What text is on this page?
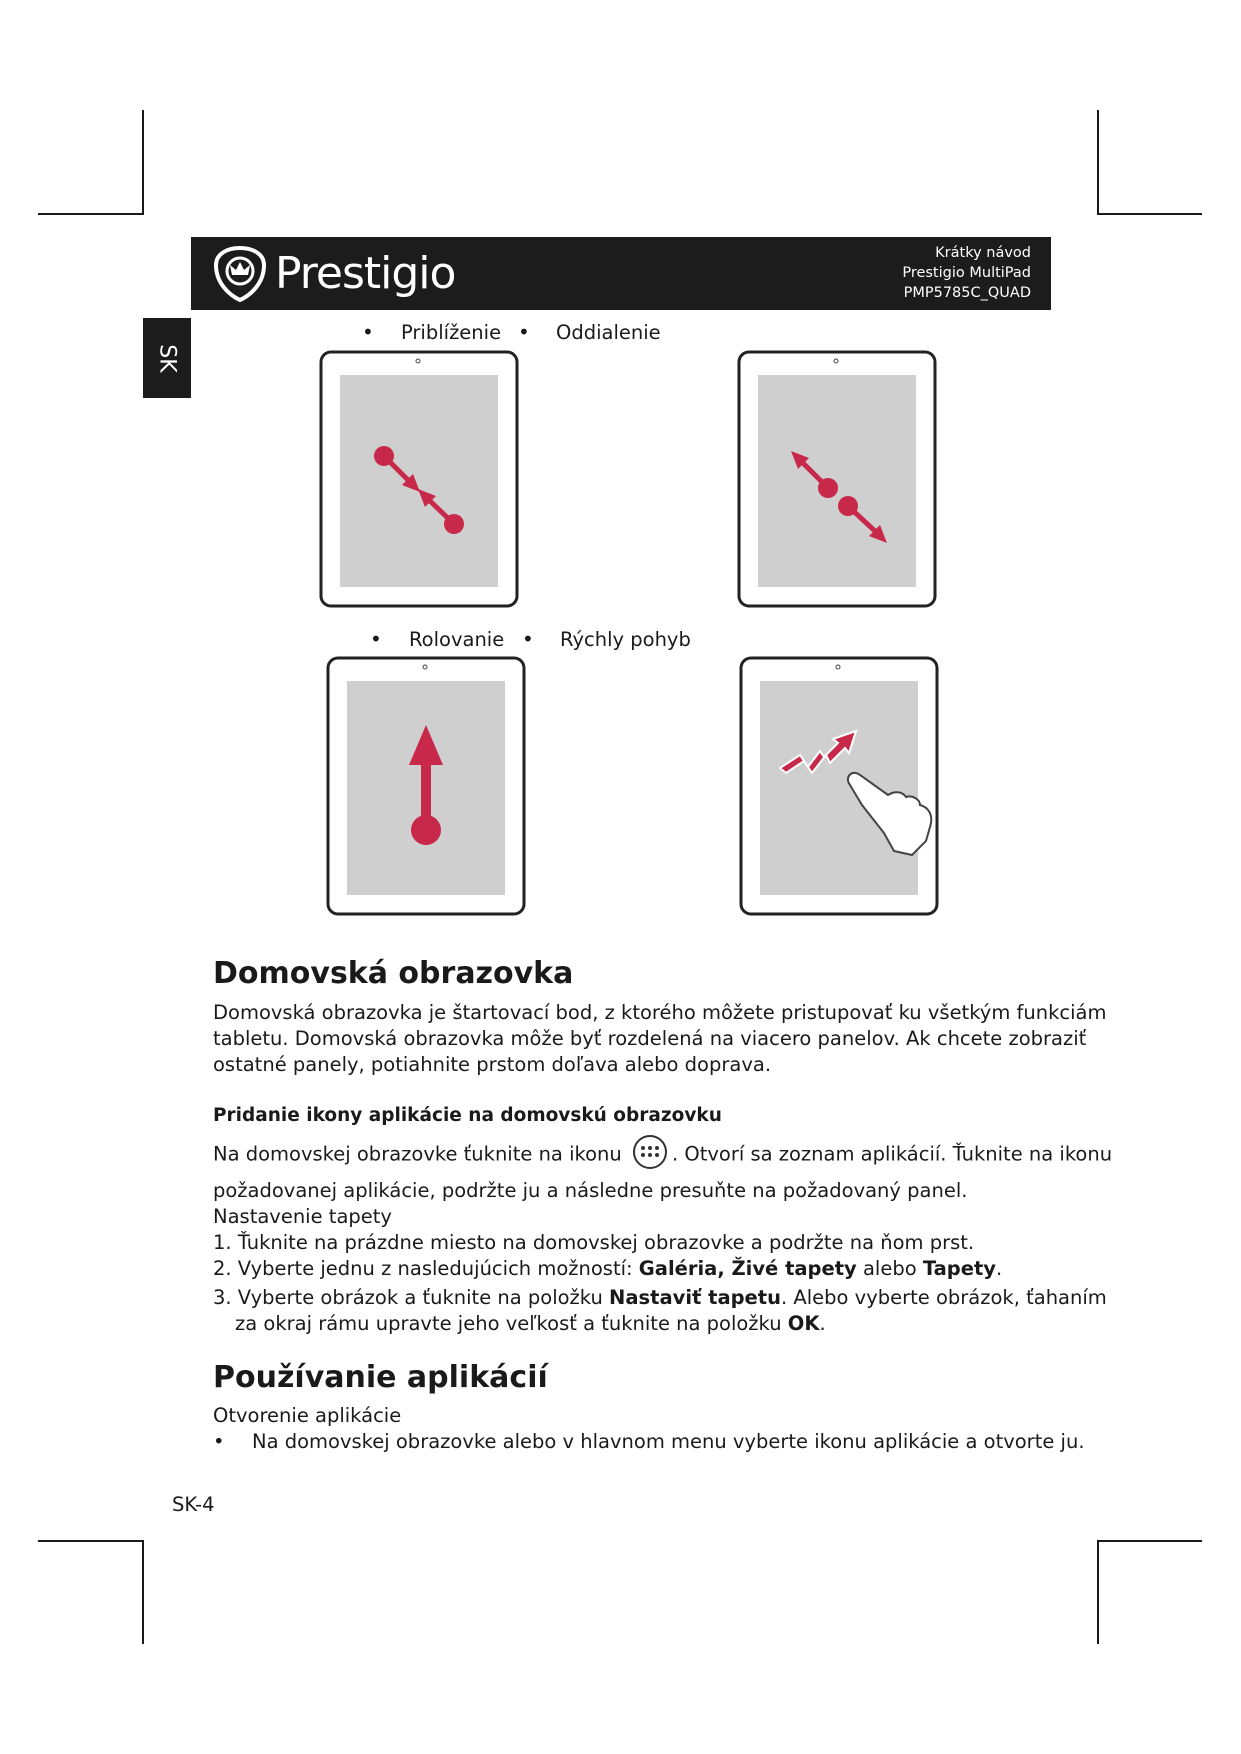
Prestigio	Krátky návod
Prestigio MultiPad
PMP5785C_QUAD
SK
• Priblíženie • Oddialenie
• Rolovanie • Rýchly pohyb
Domovská obrazovka
Domovská obrazovka je štartovací bod, z ktorého môžete pristupovať ku všetkým funkciám
tabletu. Domovská obrazovka môže byť rozdelená na viacero panelov. Ak chcete zobraziť
ostatné panely, potiahnite prstom doľava alebo doprava.
Pridanie ikony aplikácie na domovskú obrazovku
Na domovskej obrazovke ťuknite na ikonu	. Otvorí sa zoznam aplikácií. Ťuknite na ikonu
požadovanej aplikácie, podržte ju a následne presuňte na požadovaný panel.
Nastavenie tapety
1. Ťuknite na prázdne miesto na domovskej obrazovke a podržte na ňom prst.
2. Vyberte jednu z nasledujúcich možností: Galéria, Živé tapety alebo Tapety.
3. Vyberte obrázok a ťuknite na položku Nastaviť tapetu. Alebo vyberte obrázok, ťahaním
za okraj rámu upravte jeho veľkosť a ťuknite na položku OK.
Používanie aplikácií
Otvorenie aplikácie
• Na domovskej obrazovke alebo v hlavnom menu vyberte ikonu aplikácie a otvorte ju.
SK-4
